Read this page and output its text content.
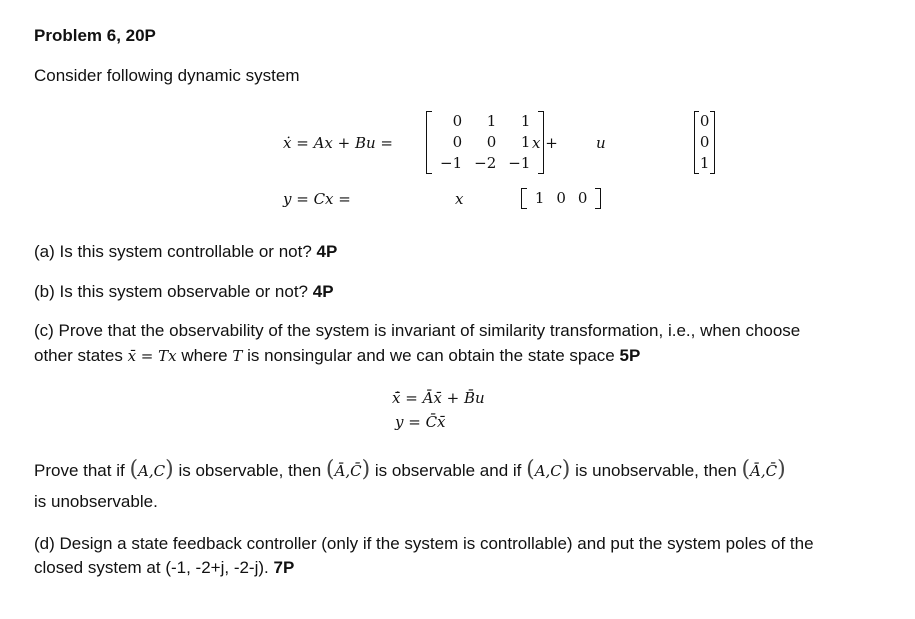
Problem 6, 20P
Consider following dynamic system
ẋ = Ax + Bu =
0	1	1
0	0	1
−1 −2 −1

x +
0
0
1

u
y = Cx =	1 0 0
x
(a) Is this system controllable or not? 4P
(b) Is this system observable or not? 4P
(c) Prove that the observability of the system is invariant of similarity transformation, i.e., when choose
other states x̄ = Tx where T is nonsingular and we can obtain the state space 5P
x̄̇ = Āx̄ + B̄u
y = C̄x̄
Prove that if (A,C) is observable, then (Ā,C̄) is observable and if (A,C) is unobservable, then (Ā,C̄)
is unobservable.
(d) Design a state feedback controller (only if the system is controllable) and put the system poles of the
closed system at (-1, -2+j, -2-j). 7P
